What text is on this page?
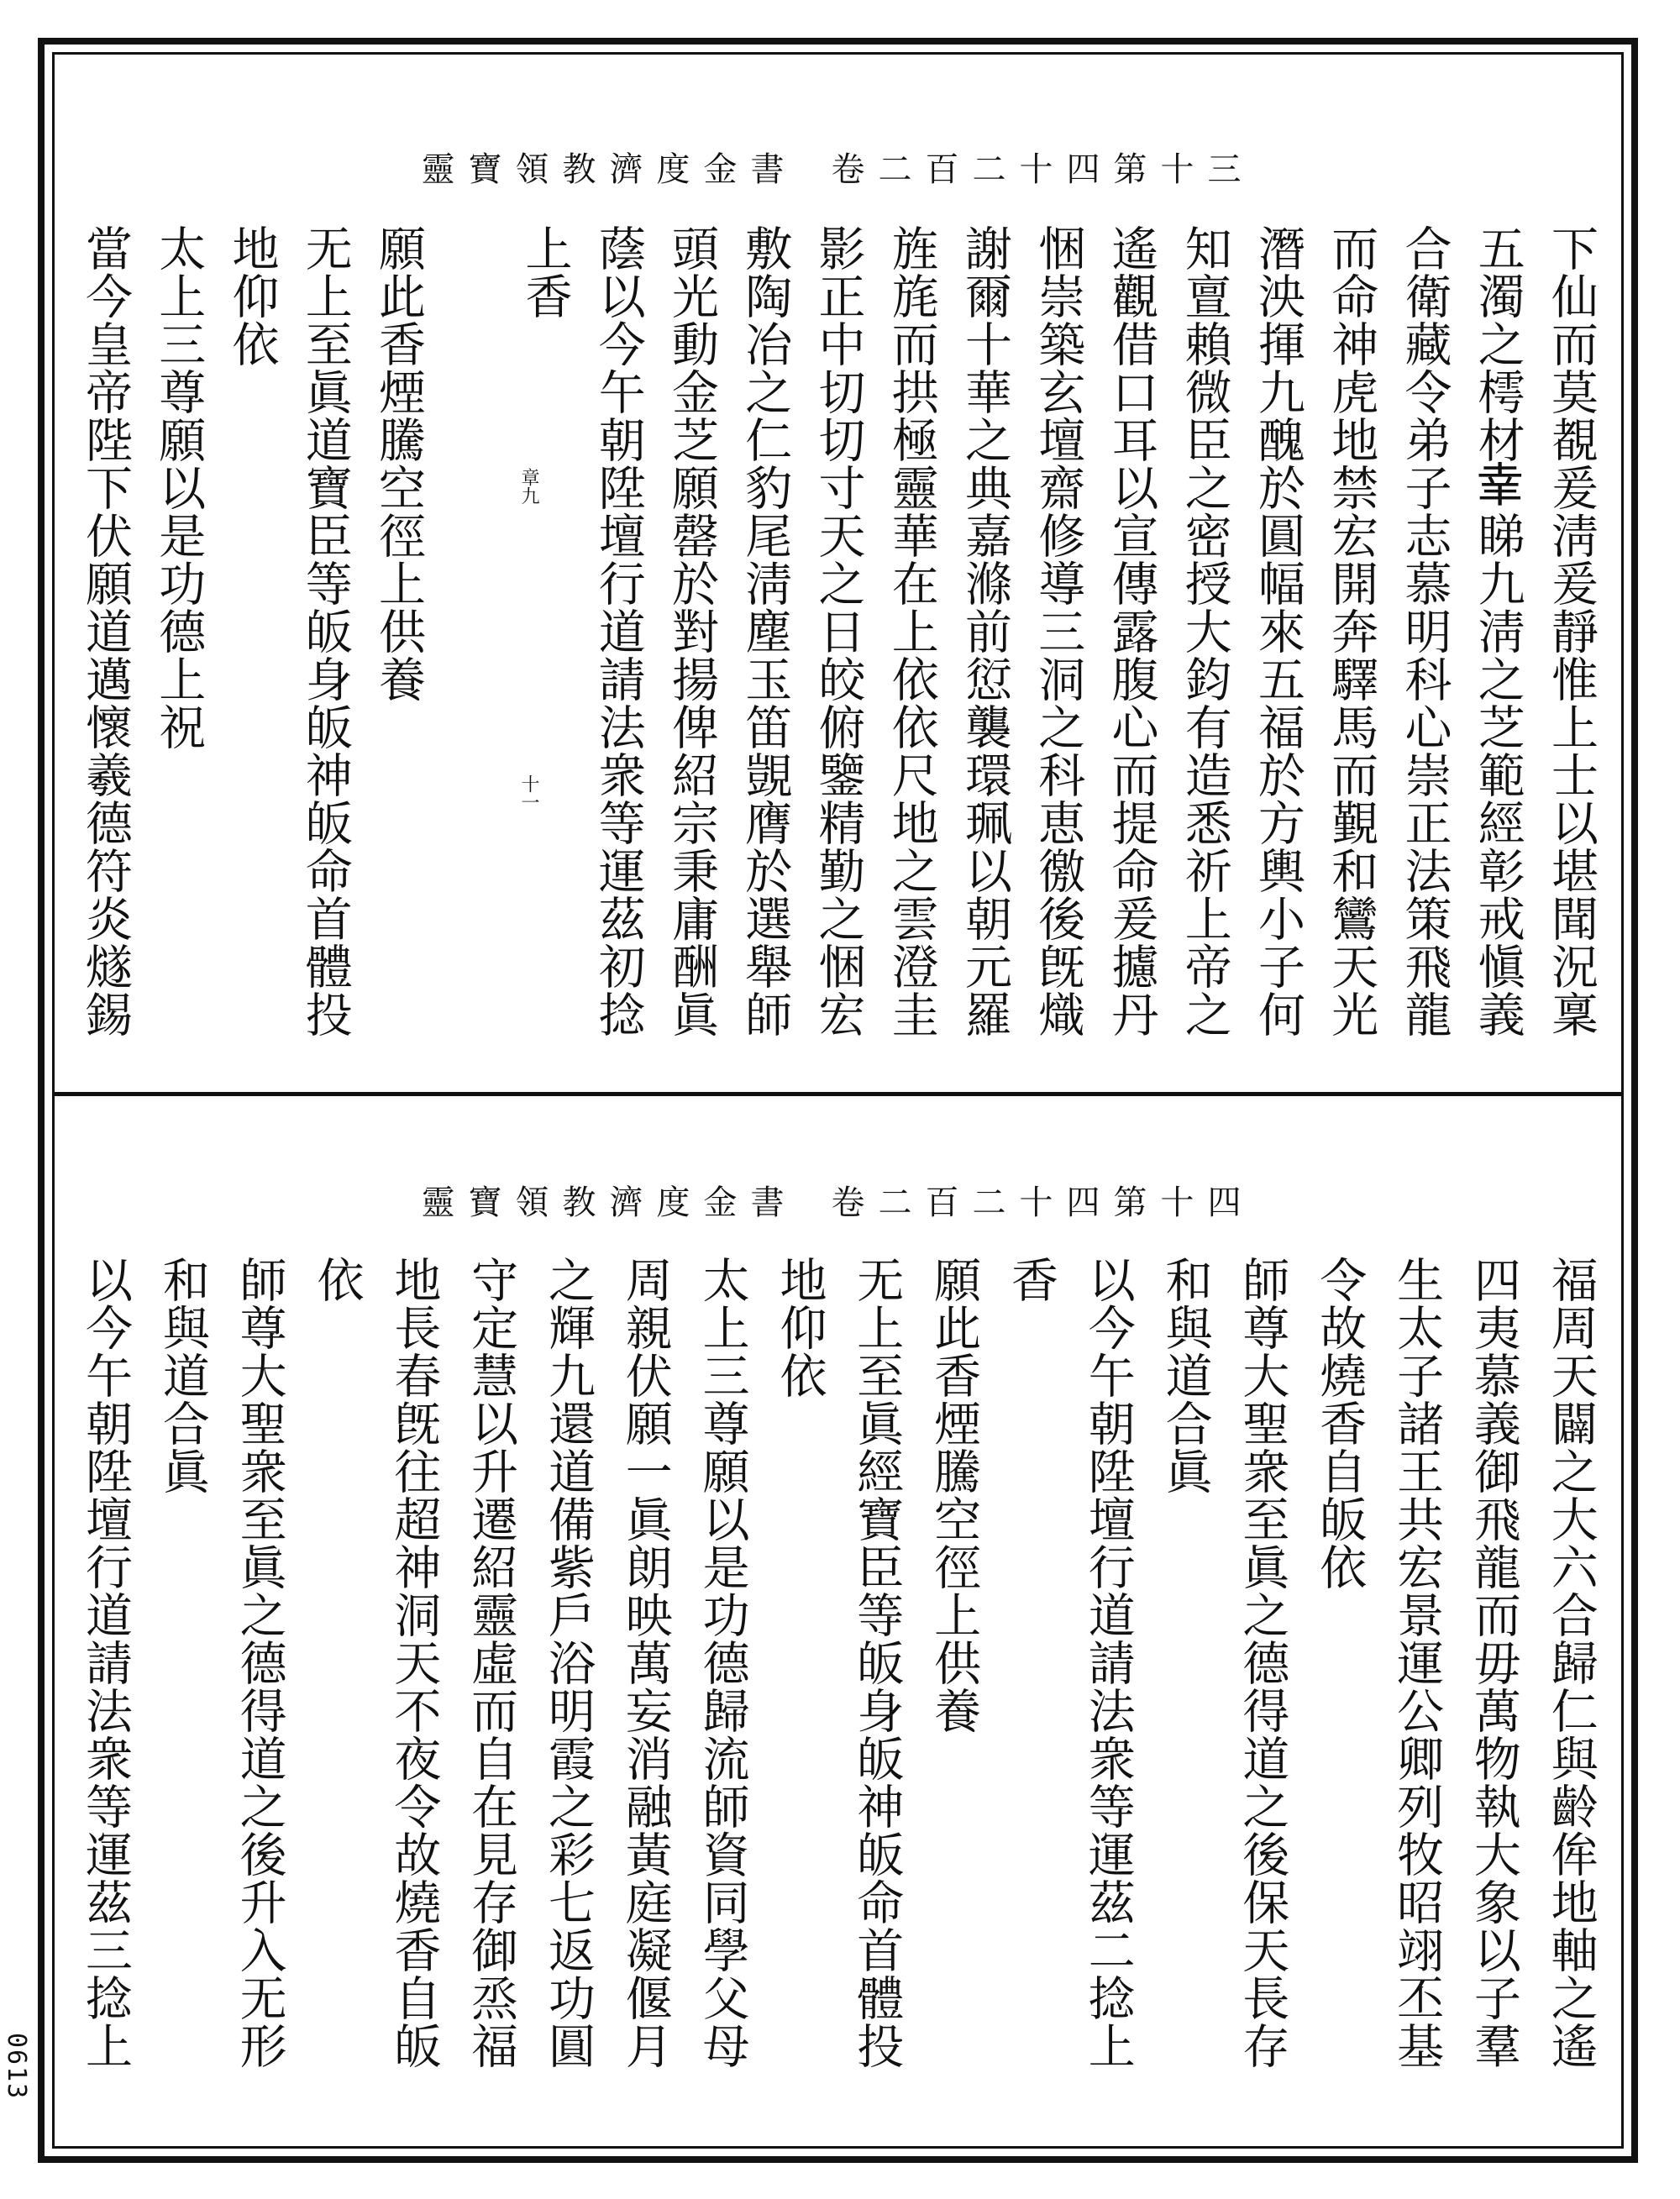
靈寶領教濟度金書 卷二百二十四第十三
下仙而莫覩爰淸爰靜惟上士以堪聞況稟
五濁之樗材𦍒睇九淸之芝範經彰戒愼義
合衛藏令弟子志慕明科心崇正法策飛龍
而命神虎地禁宏開奔驛馬而覲和鸞天光
潛泱揮九醜於圓幅來五福於方輿小子何
知亶賴微臣之密授大鈞有造悉祈上帝之
遙觀借口耳以宣傳露腹心而提命爰攄丹
悃崇築玄壇齋修導三洞之科恵徼後旣熾
謝爾十華之典嘉滌前愆襲環珮以朝元羅
旌旄而拱極靈華在上依依尺地之雲澄圭
影正中切切寸天之日皎俯鑒精勤之悃宏
敷陶冶之仁豹尾淸塵玉笛覬膺於選舉師
頭光動金芝願罄於對揚俾紹宗秉庸酬眞
蔭以今午朝陞壇行道請法衆等運茲初捻
上香
願此香煙騰空徑上供養
无上至眞道寶臣等皈身皈神皈命首體投
地仰依
太上三尊願以是功德上祝
當今皇帝陛下伏願道邁懷羲德符炎燧錫	章九
十一
靈寶領教濟度金書 卷二百二十四第十四
福周天闢之大六合歸仁與齡侔地軸之遙
四夷慕義御飛龍而毋萬物執大象以子羣
生太子諸王共宏景運公卿列牧昭翊丕基
令故燒香自皈依
師尊大聖衆至眞之德得道之後保天長存
和與道合眞
以今午朝陞壇行道請法衆等運茲二捻上
香
願此香煙騰空徑上供養
无上至眞經寶臣等皈身皈神皈命首體投
地仰依
太上三尊願以是功德歸流師資同學父母
周親伏願一眞朗映萬妄消融黃庭凝偃月
之輝九還道備紫戶浴明霞之彩七返功圓
守定慧以升遷紹靈虛而自在見存御烝福
地長春旣往超神洞天不夜令故燒香自皈
依
師尊大聖衆至眞之德得道之後升入无形
和與道合眞
以今午朝陞壇行道請法衆等運茲三捻上
0613
